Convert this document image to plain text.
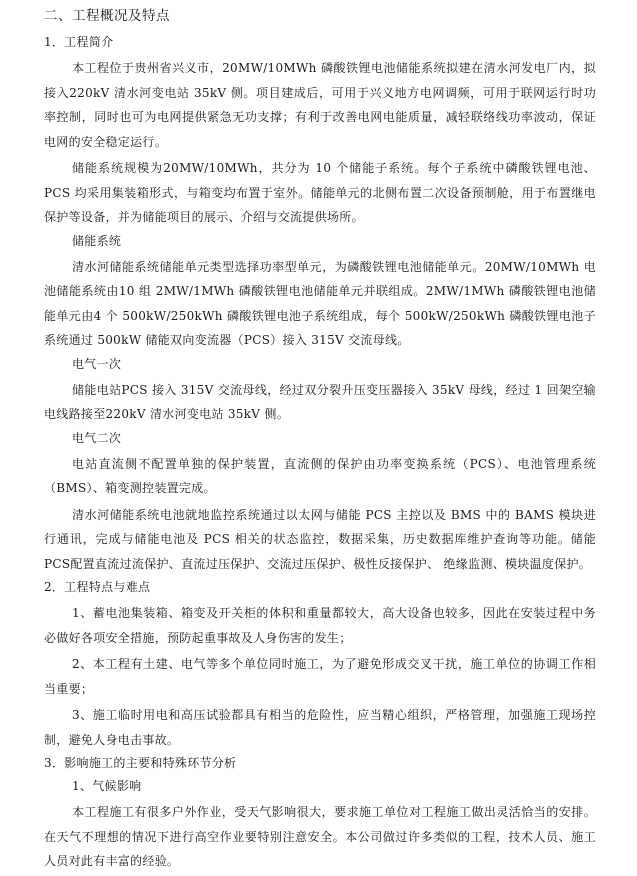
二、工程概况及特点
1．工程简介
本工程位于贵州省兴义市，20MW/10MWh 磷酸铁锂电池储能系统拟建在清水河发电厂内，拟接入220kV 清水河变电站 35kV 侧。项目建成后，可用于兴义地方电网调频，可用于联网运行时功率控制，同时也可为电网提供紧急无功支撑；有利于改善电网电能质量，减轻联络线功率波动，保证电网的安全稳定运行。
储能系统规模为20MW/10MWh，共分为 10 个储能子系统。每个子系统中磷酸铁锂电池、PCS 均采用集装箱形式，与箱变均布置于室外。储能单元的北侧布置二次设备预制舱，用于布置继电保护等设备，并为储能项目的展示、介绍与交流提供场所。
储能系统
清水河储能系统储能单元类型选择功率型单元，为磷酸铁锂电池储能单元。20MW/10MWh 电池储能系统由10 组 2MW/1MWh 磷酸铁锂电池储能单元并联组成。2MW/1MWh 磷酸铁锂电池储能单元由4 个 500kW/250kWh 磷酸铁锂电池子系统组成，每个 500kW/250kWh 磷酸铁锂电池子系统通过 500kW 储能双向变流器（PCS）接入 315V 交流母线。
电气一次
储能电站PCS 接入 315V 交流母线，经过双分裂升压变压器接入 35kV 母线，经过 1 回架空输电线路接至220kV 清水河变电站 35kV 侧。
电气二次
电站直流侧不配置单独的保护装置，直流侧的保护由功率变换系统（PCS）、电池管理系统（BMS）、箱变测控装置完成。
清水河储能系统电池就地监控系统通过以太网与储能 PCS 主控以及 BMS 中的 BAMS 模块进行通讯，完成与储能电池及 PCS 相关的状态监控，数据采集，历史数据库维护查询等功能。储能 PCS配置直流过流保护、直流过压保护、交流过压保护、极性反接保护、 绝缘监测、模块温度保护。
2．工程特点与难点
1、蓄电池集装箱、箱变及开关柜的体积和重量都较大，高大设备也较多，因此在安装过程中务必做好各项安全措施，预防起重事故及人身伤害的发生；
2、本工程有土建、电气等多个单位同时施工，为了避免形成交叉干扰，施工单位的协调工作相当重要；
3、施工临时用电和高压试验都具有相当的危险性，应当精心组织，严格管理，加强施工现场控制，避免人身电击事故。
3．影响施工的主要和特殊环节分析
1、气候影响
本工程施工有很多户外作业，受天气影响很大，要求施工单位对工程施工做出灵活恰当的安排。在天气不理想的情况下进行高空作业要特别注意安全。本公司做过许多类似的工程，技术人员、施工人员对此有丰富的经验。
